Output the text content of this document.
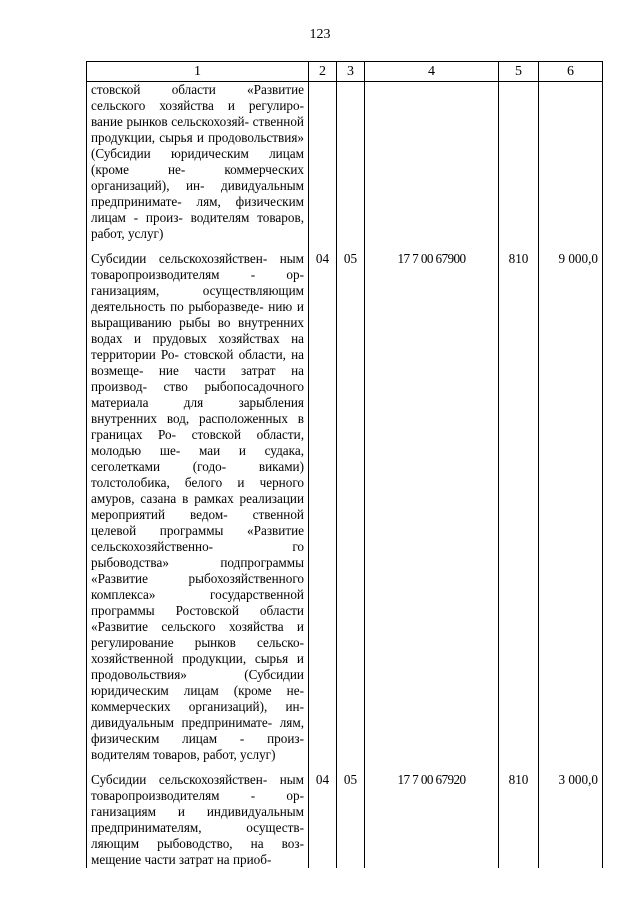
123
1	2	3	4	5	6
стовской области «Развитие сельского хозяйства и регулиро- вание рынков сельскохозяй- ственной продукции, сырья и продовольствия» (Субсидии юридическим лицам (кроме не- коммерческих организаций), ин- дивидуальным предпринимате- лям, физическим лицам - произ- водителям товаров, работ, услуг)					

Субсидии сельскохозяйствен- ным товаропроизводителям - ор- ганизациям, осуществляющим деятельность по рыборазведе- нию и выращиванию рыбы во внутренних водах и прудовых хозяйствах на территории Ро- стовской области, на возмеще- ние части затрат на производ- ство рыбопосадочного материала для зарыбления внутренних вод, расположенных в границах Ро- стовской области, молодью ше- маи и судака, сеголетками (годо- виками) толстолобика, белого и черного амуров, сазана в рамках реализации мероприятий ведом- ственной целевой программы «Развитие сельскохозяйственно- го рыбоводства» подпрограммы «Развитие рыбохозяйственного комплекса» государственной программы Ростовской области «Развитие сельского хозяйства и регулирование рынков сельско- хозяйственной продукции, сырья и продовольствия» (Субсидии юридическим лицам (кроме не- коммерческих организаций), ин- дивидуальным предпринимате- лям, физическим лицам - произ- водителям товаров, работ, услуг)	04	05	17 7 00 67900	810	9 000,0

Субсидии сельскохозяйствен- ным товаропроизводителям - ор- ганизациям и индивидуальным предпринимателям, осуществ- ляющим рыбоводство, на воз- мещение части затрат на приоб-	04	05	17 7 00 67920	810	3 000,0
